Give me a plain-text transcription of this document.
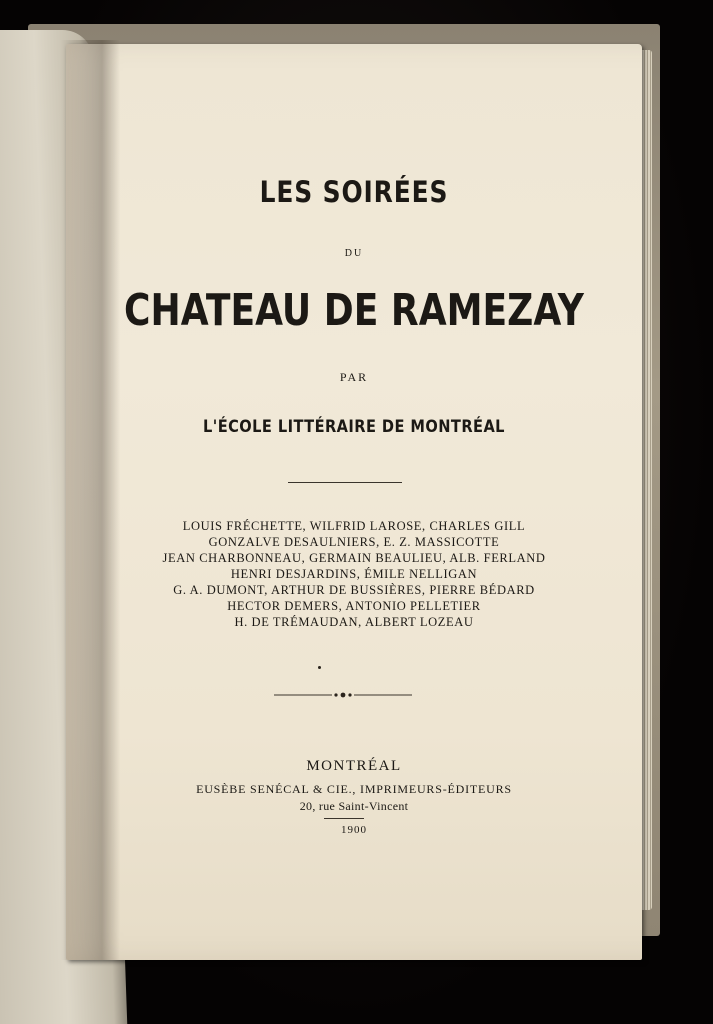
LES SOIRÉES
DU
CHATEAU DE RAMEZAY
PAR
L'ÉCOLE LITTÉRAIRE DE MONTRÉAL
LOUIS FRÉCHETTE, WILFRID LAROSE, CHARLES GILL
GONZALVE DESAULNIERS, E. Z. MASSICOTTE
JEAN CHARBONNEAU, GERMAIN BEAULIEU, ALB. FERLAND
HENRI DESJARDINS, ÉMILE NELLIGAN
G. A. DUMONT, ARTHUR DE BUSSIÈRES, PIERRE BÉDARD
HECTOR DEMERS, ANTONIO PELLETIER
H. DE TRÉMAUDAN, ALBERT LOZEAU
MONTRÉAL
EUSÈBE SENÉCAL & CIE., IMPRIMEURS-ÉDITEURS
20, rue Saint-Vincent
1900
